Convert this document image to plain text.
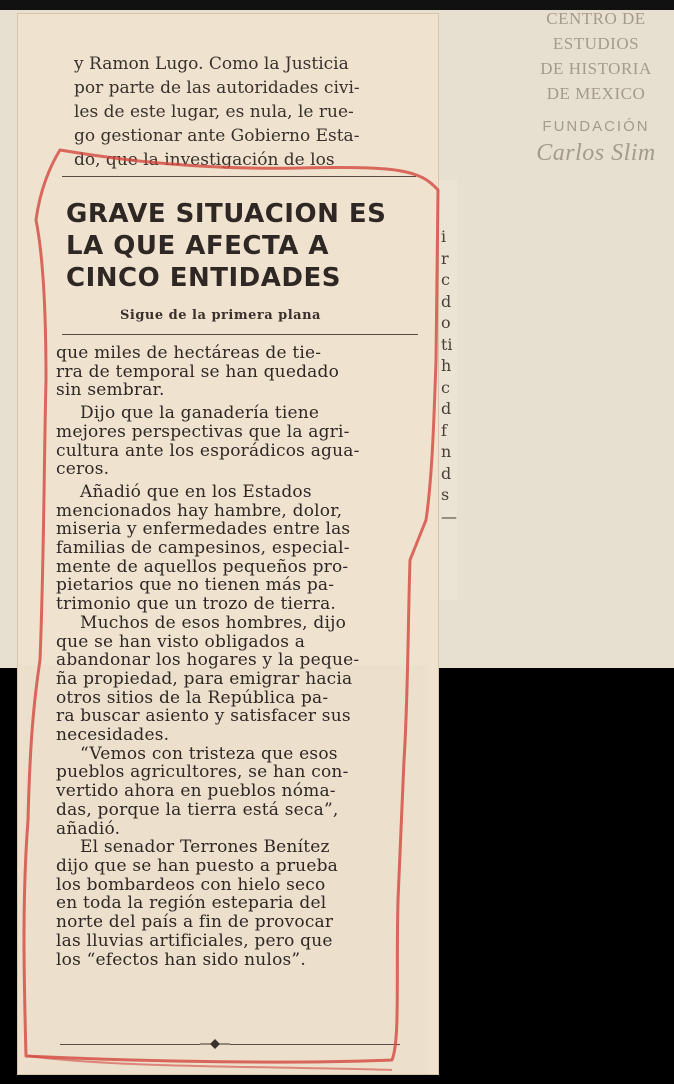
CENTRO DE
ESTUDIOS
DE HISTORIA
DE MEXICO
FUNDACIÓN
Carlos Slim
i
r
c
d
o
ti
h
c
d
f
n
d
s
—
y Ramon Lugo. Como la Justicia
por parte de las autoridades civi-
les de este lugar, es nula, le rue-
go gestionar ante Gobierno Esta-
do, que la investigación de los
GRAVE SITUACION ES
LA QUE AFECTA A
CINCO ENTIDADES
Sigue de la primera plana
que miles de hectáreas de tie-
rra de temporal se han quedado
sin sembrar.
Dijo que la ganadería tiene
mejores perspectivas que la agri-
cultura ante los esporádicos agua-
ceros.
Añadió que en los Estados
mencionados hay hambre, dolor,
miseria y enfermedades entre las
familias de campesinos, especial-
mente de aquellos pequeños pro-
pietarios que no tienen más pa-
trimonio que un trozo de tierra.
Muchos de esos hombres, dijo
que se han visto obligados a
abandonar los hogares y la peque-
ña propiedad, para emigrar hacia
otros sitios de la República pa-
ra buscar asiento y satisfacer sus
necesidades.
“Vemos con tristeza que esos
pueblos agricultores, se han con-
vertido ahora en pueblos nóma-
das, porque la tierra está seca”,
añadió.
El senador Terrones Benítez
dijo que se han puesto a prueba
los bombardeos con hielo seco
en toda la región esteparia del
norte del país a fin de provocar
las lluvias artificiales, pero que
los “efectos han sido nulos”.
